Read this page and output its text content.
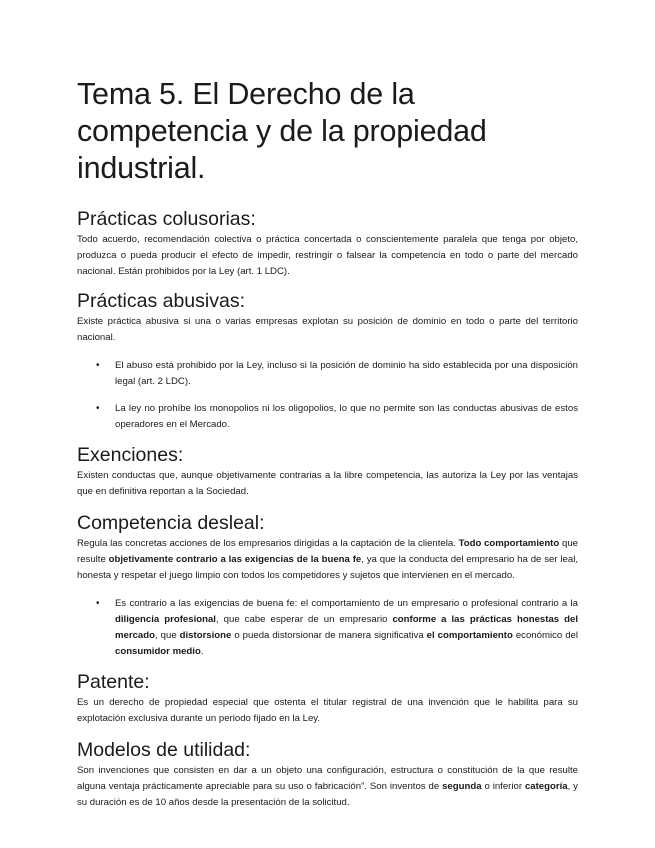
Tema 5. El Derecho de la competencia y de la propiedad industrial.
Prácticas colusorias:

Todo acuerdo, recomendación colectiva o práctica concertada o conscientemente paralela que tenga por objeto, produzca o pueda producir el efecto de impedir, restringir o falsear la competencia en todo o parte del mercado nacional. Están prohibidos por la Ley (art. 1 LDC).

Prácticas abusivas:

Existe práctica abusiva si una o varias empresas explotan su posición de dominio en todo o parte del territorio nacional.

• El abuso está prohibido por la Ley, incluso si la posición de dominio ha sido establecida por una disposición legal (art. 2 LDC).
• La ley no prohíbe los monopolios ni los oligopolios, lo que no permite son las conductas abusivas de estos operadores en el Mercado.
Exenciones:

Existen conductas que, aunque objetivamente contrarias a la libre competencia, las autoriza la Ley por las ventajas que en definitiva reportan a la Sociedad.

Competencia desleal:

Regula las concretas acciones de los empresarios dirigidas a la captación de la clientela. Todo comportamiento que resulte objetivamente contrario a las exigencias de la buena fe, ya que la conducta del empresario ha de ser leal, honesta y respetar el juego limpio con todos los competidores y sujetos que intervienen en el mercado.

• Es contrario a las exigencias de buena fe: el comportamiento de un empresario o profesional contrario a la diligencia profesional, que cabe esperar de un empresario conforme a las prácticas honestas del mercado, que distorsione o pueda distorsionar de manera significativa el comportamiento económico del consumidor medio.
Patente:

Es un derecho de propiedad especial que ostenta el titular registral de una invención que le habilita para su explotación exclusiva durante un periodo fijado en la Ley.

Modelos de utilidad:

Son invenciones que consisten en dar a un objeto una configuración, estructura o constitución de la que resulte alguna ventaja prácticamente apreciable para su uso o fabricación”. Son inventos de segunda o inferior categoría, y su duración es de 10 años desde la presentación de la solicitud.
